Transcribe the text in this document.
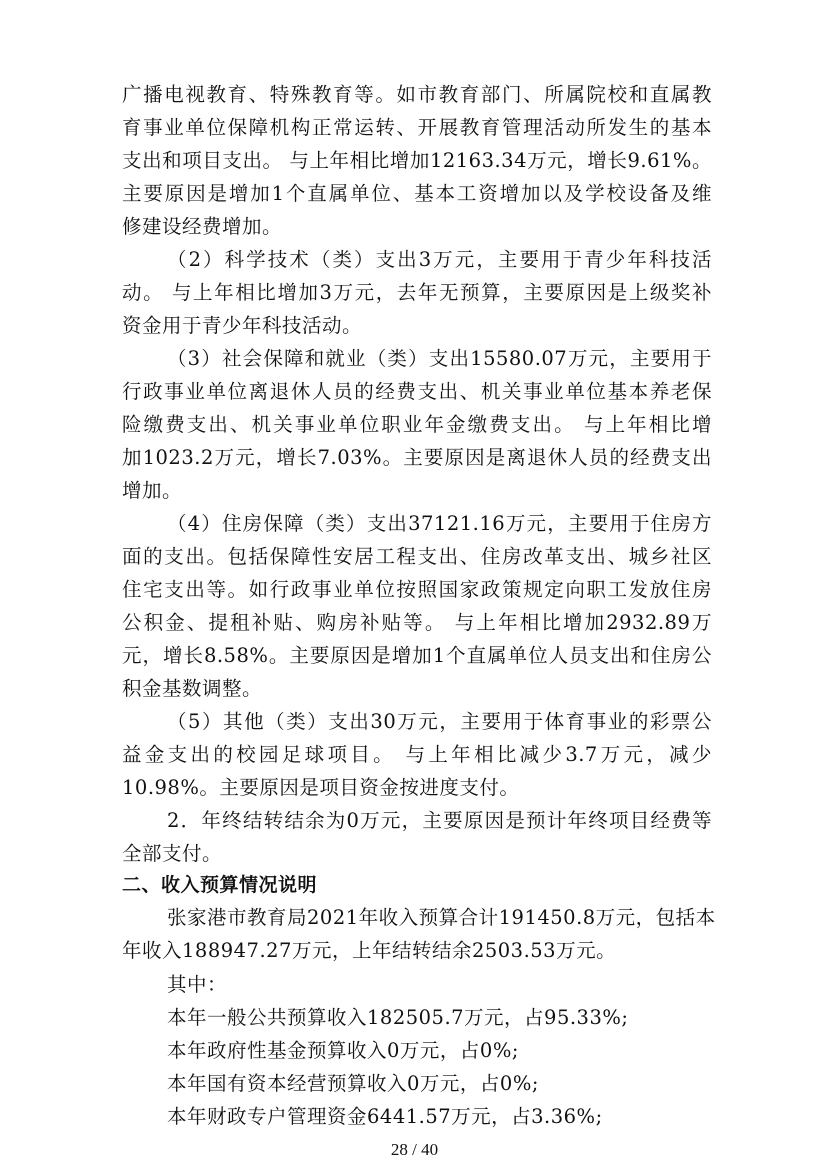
广播电视教育、特殊教育等。如市教育部门、所属院校和直属教
育事业单位保障机构正常运转、开展教育管理活动所发生的基本
支出和项目支出。 与上年相比增加12163.34万元，增长9.61%。
主要原因是增加1个直属单位、基本工资增加以及学校设备及维
修建设经费增加。
（2）科学技术（类）支出3万元，主要用于青少年科技活
动。 与上年相比增加3万元，去年无预算，主要原因是上级奖补
资金用于青少年科技活动。
（3）社会保障和就业（类）支出15580.07万元，主要用于
行政事业单位离退休人员的经费支出、机关事业单位基本养老保
险缴费支出、机关事业单位职业年金缴费支出。 与上年相比增
加1023.2万元，增长7.03%。主要原因是离退休人员的经费支出
增加。
（4）住房保障（类）支出37121.16万元，主要用于住房方
面的支出。包括保障性安居工程支出、住房改革支出、城乡社区
住宅支出等。如行政事业单位按照国家政策规定向职工发放住房
公积金、提租补贴、购房补贴等。 与上年相比增加2932.89万
元，增长8.58%。主要原因是增加1个直属单位人员支出和住房公
积金基数调整。
（5）其他（类）支出30万元，主要用于体育事业的彩票公
益金支出的校园足球项目。 与上年相比减少3.7万元，减少
10.98%。主要原因是项目资金按进度支付。
2．年终结转结余为0万元，主要原因是预计年终项目经费等
全部支付。
二、收入预算情况说明
张家港市教育局2021年收入预算合计191450.8万元，包括本
年收入188947.27万元，上年结转结余2503.53万元。
其中：
本年一般公共预算收入182505.7万元，占95.33%;
本年政府性基金预算收入0万元，占0%;
本年国有资本经营预算收入0万元，占0%;
本年财政专户管理资金6441.57万元，占3.36%;
28 / 40
